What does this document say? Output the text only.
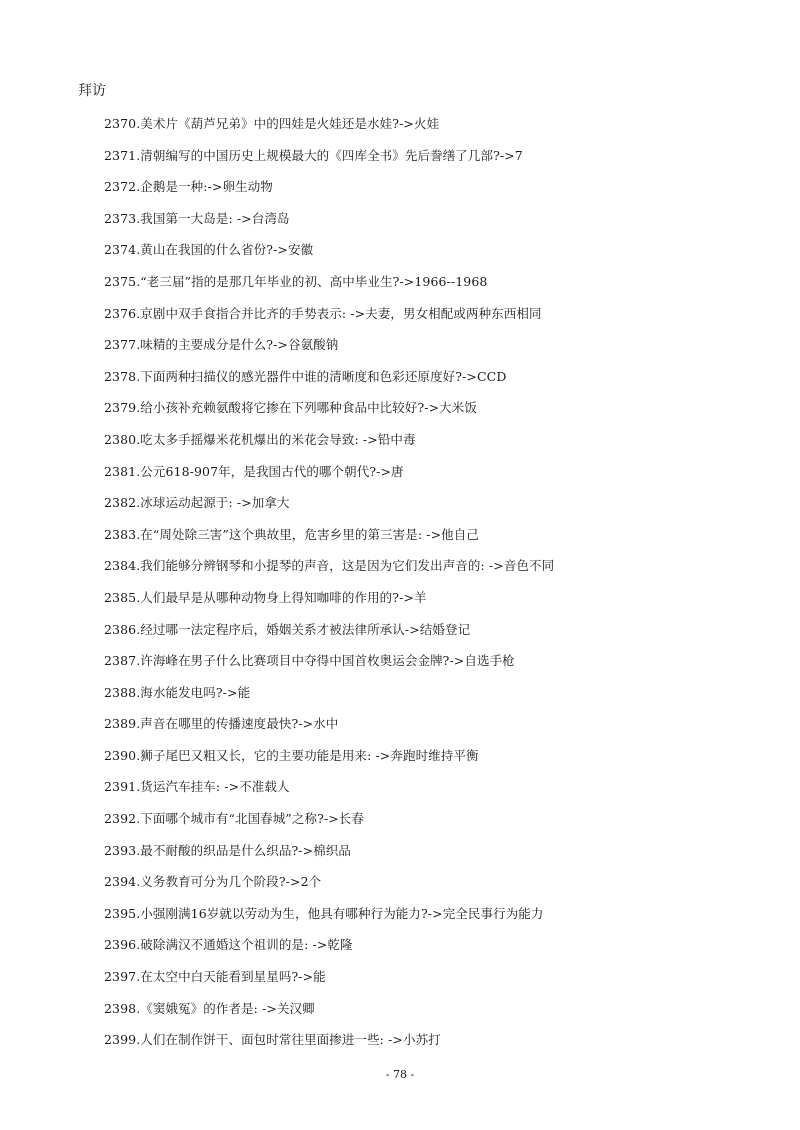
拜访
2370.美术片《葫芦兄弟》中的四娃是火娃还是水娃?->火娃
2371.清朝编写的中国历史上规模最大的《四库全书》先后誊缮了几部?->7
2372.企鹅是一种:->卵生动物
2373.我国第一大岛是: ->台湾岛
2374.黄山在我国的什么省份?->安徽
2375.“老三届”指的是那几年毕业的初、高中毕业生?->1966--1968
2376.京剧中双手食指合并比齐的手势表示: ->夫妻，男女相配或两种东西相同
2377.味精的主要成分是什么?->谷氨酸钠
2378.下面两种扫描仪的感光器件中谁的清晰度和色彩还原度好?->CCD
2379.给小孩补充赖氨酸将它掺在下列哪种食品中比较好?->大米饭
2380.吃太多手摇爆米花机爆出的米花会导致: ->铅中毒
2381.公元618-907年，是我国古代的哪个朝代?->唐
2382.冰球运动起源于: ->加拿大
2383.在“周处除三害”这个典故里，危害乡里的第三害是: ->他自己
2384.我们能够分辨钢琴和小提琴的声音，这是因为它们发出声音的: ->音色不同
2385.人们最早是从哪种动物身上得知咖啡的作用的?->羊
2386.经过哪一法定程序后，婚姻关系才被法律所承认->结婚登记
2387.许海峰在男子什么比赛项目中夺得中国首枚奥运会金牌?->自选手枪
2388.海水能发电吗?->能
2389.声音在哪里的传播速度最快?->水中
2390.狮子尾巴又粗又长，它的主要功能是用来: ->奔跑时维持平衡
2391.货运汽车挂车: ->不准载人
2392.下面哪个城市有“北国春城”之称?->长春
2393.最不耐酸的织品是什么织品?->棉织品
2394.义务教育可分为几个阶段?->2个
2395.小强刚满16岁就以劳动为生，他具有哪种行为能力?->完全民事行为能力
2396.破除满汉不通婚这个祖训的是: ->乾隆
2397.在太空中白天能看到星星吗?->能
2398.《窦娥冤》的作者是: ->关汉卿
2399.人们在制作饼干、面包时常往里面掺进一些: ->小苏打
- 78 -
